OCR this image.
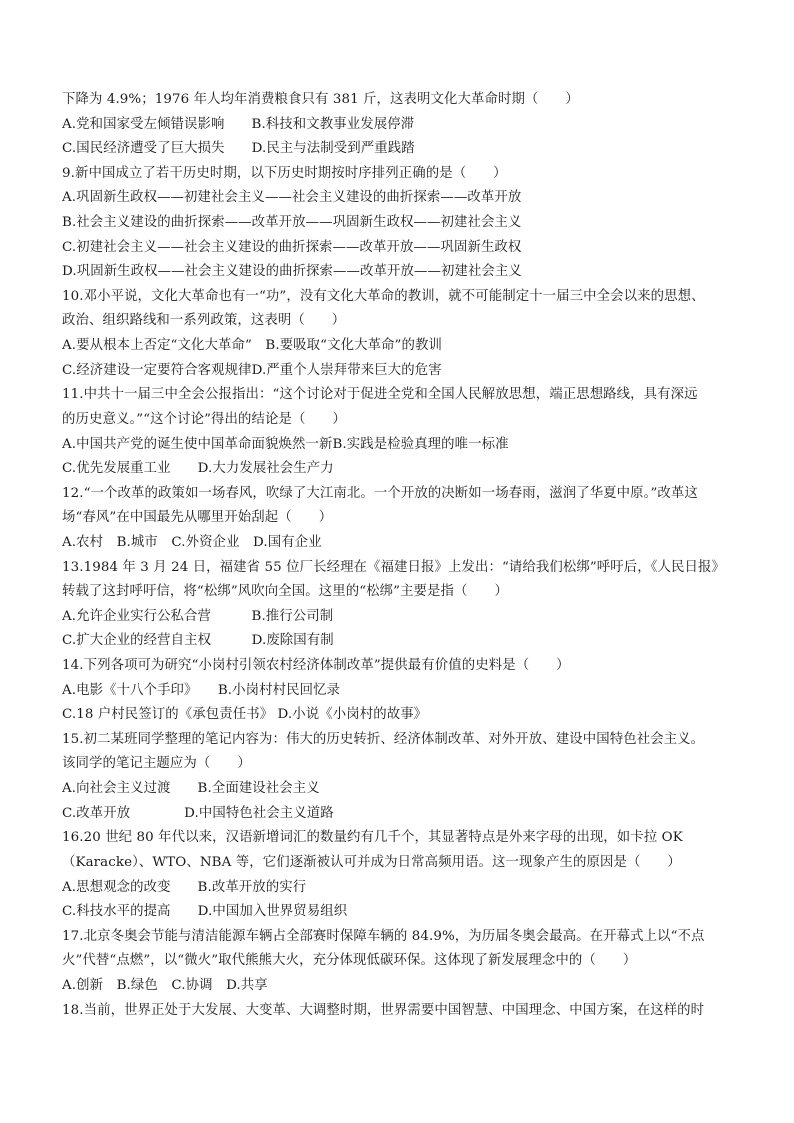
下降为 4.9%；1976 年人均年消费粮食只有 381 斤，这表明文化大革命时期（　　）
A.党和国家受左倾错误影响　　B.科技和文教事业发展停滞
C.国民经济遭受了巨大损失　　D.民主与法制受到严重践踏
9.新中国成立了若干历史时期，以下历史时期按时序排列正确的是（　　）
A.巩固新生政权——初建社会主义——社会主义建设的曲折探索——改革开放
B.社会主义建设的曲折探索——改革开放——巩固新生政权——初建社会主义
C.初建社会主义——社会主义建设的曲折探索——改革开放——巩固新生政权
D.巩固新生政权——社会主义建设的曲折探索——改革开放——初建社会主义
10.邓小平说，文化大革命也有一“功”，没有文化大革命的教训，就不可能制定十一届三中全会以来的思想、
政治、组织路线和一系列政策，这表明（　　）
A.要从根本上否定“文化大革命”　B.要吸取“文化大革命”的教训
C.经济建设一定要符合客观规律D.严重个人崇拜带来巨大的危害
11.中共十一届三中全会公报指出：“这个讨论对于促进全党和全国人民解放思想，端正思想路线，具有深远
的历史意义。”“这个讨论”得出的结论是（　　）
A.中国共产党的诞生使中国革命面貌焕然一新B.实践是检验真理的唯一标准
C.优先发展重工业　　D.大力发展社会生产力
12.“一个改革的政策如一场春风，吹绿了大江南北。一个开放的决断如一场春雨，滋润了华夏中原。”改革这
场“春风”在中国最先从哪里开始刮起（　　）
A.农村　B.城市　C.外资企业　D.国有企业
13.1984 年 3 月 24 日，福建省 55 位厂长经理在《福建日报》上发出：“请给我们松绑”呼吁后，《人民日报》
转载了这封呼吁信，将“松绑”风吹向全国。这里的“松绑”主要是指（　　）
A.允许企业实行公私合营　　　B.推行公司制
C.扩大企业的经营自主权　　　D.废除国有制
14.下列各项可为研究“小岗村引领农村经济体制改革”提供最有价值的史料是（　　）
A.电影《十八个手印》　　B.小岗村村民回忆录
C.18 户村民签订的《承包责任书》 D.小说《小岗村的故事》
15.初二某班同学整理的笔记内容为：伟大的历史转折、经济体制改革、对外开放、建设中国特色社会主义。
该同学的笔记主题应为（　　）
A.向社会主义过渡　　B.全面建设社会主义
C.改革开放　　　　D.中国特色社会主义道路
16.20 世纪 80 年代以来，汉语新增词汇的数量约有几千个，其显著特点是外来字母的出现，如卡拉 OK
（Karacke）、WTO、NBA 等，它们逐渐被认可并成为日常高频用语。这一现象产生的原因是（　　）
A.思想观念的改变　　B.改革开放的实行
C.科技水平的提高　　D.中国加入世界贸易组织
17.北京冬奥会节能与清洁能源车辆占全部赛时保障车辆的 84.9%，为历届冬奥会最高。在开幕式上以“不点
火”代替“点燃”，以“微火”取代熊熊大火，充分体现低碳环保。这体现了新发展理念中的（　　）
A.创新　B.绿色　C.协调　D.共享
18.当前，世界正处于大发展、大变革、大调整时期，世界需要中国智慧、中国理念、中国方案，在这样的时
